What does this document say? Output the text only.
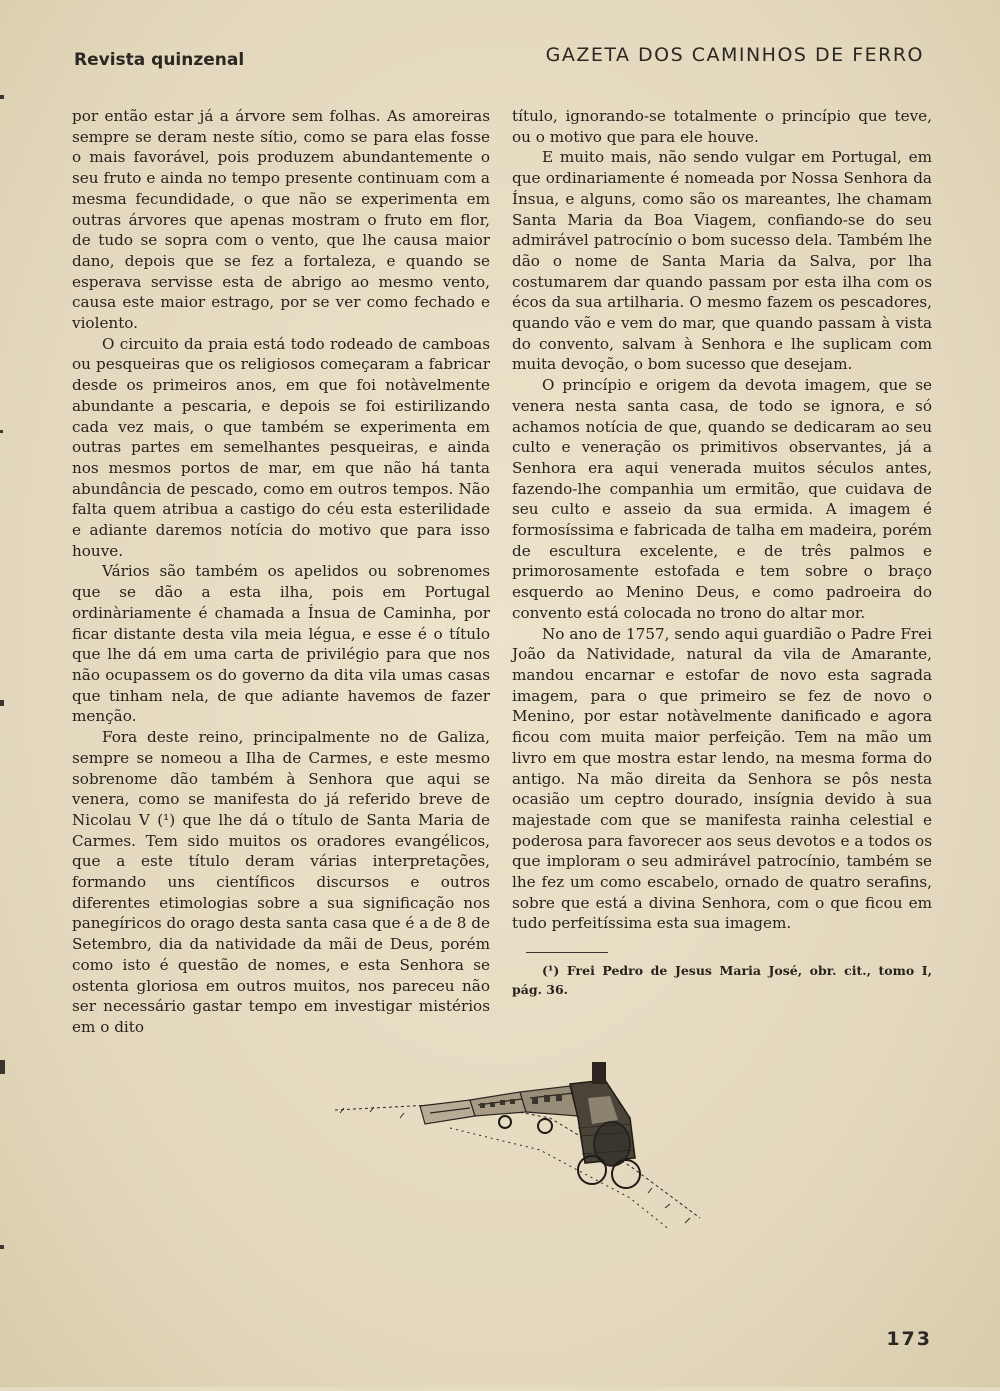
Revista quinzenal	GAZETA DOS CAMINHOS DE FERRO

por então estar já a árvore sem folhas. As amoreiras sempre se deram neste sítio, como se para elas fosse o mais favorável, pois produzem abundantemente o seu fruto e ainda no tempo presente continuam com a mesma fecundidade, o que não se experimenta em outras árvores que apenas mostram o fruto em flor, de tudo se sopra com o vento, que lhe causa maior dano, depois que se fez a fortaleza, e quando se esperava servisse esta de abrigo ao mesmo vento, causa este maior estrago, por se ver como fechado e violento.

O circuito da praia está todo rodeado de camboas ou pesqueiras que os religiosos começaram a fabricar desde os primeiros anos, em que foi notàvelmente abundante a pescaria, e depois se foi estirilizando cada vez mais, o que também se experimenta em outras partes em semelhantes pesqueiras, e ainda nos mesmos portos de mar, em que não há tanta abundância de pescado, como em outros tempos. Não falta quem atribua a castigo do céu esta esterilidade e adiante daremos notícia do motivo que para isso houve.

Vários são também os apelidos ou sobrenomes que se dão a esta ilha, pois em Portugal ordinàriamente é chamada a Ínsua de Caminha, por ficar distante desta vila meia légua, e esse é o título que lhe dá em uma carta de privilégio para que nos não ocupassem os do governo da dita vila umas casas que tinham nela, de que adiante havemos de fazer menção.

Fora deste reino, principalmente no de Galiza, sempre se nomeou a Ilha de Carmes, e este mesmo sobrenome dão também à Senhora que aqui se venera, como se manifesta do já referido breve de Nicolau V (¹) que lhe dá o título de Santa Maria de Carmes. Tem sido muitos os oradores evangélicos, que a este título deram várias interpretações, formando uns científicos discursos e outros diferentes etimologias sobre a sua significação nos panegíricos do orago desta santa casa que é a de 8 de Setembro, dia da natividade da mãi de Deus, porém como isto é questão de nomes, e esta Senhora se ostenta gloriosa em outros muitos, nos pareceu não ser necessário gastar tempo em investigar mistérios em o dito

título, ignorando-se totalmente o princípio que teve, ou o motivo que para ele houve.

E muito mais, não sendo vulgar em Portugal, em que ordinariamente é nomeada por Nossa Senhora da Ínsua, e alguns, como são os mareantes, lhe chamam Santa Maria da Boa Viagem, confiando-se do seu admirável patrocínio o bom sucesso dela. Também lhe dão o nome de Santa Maria da Salva, por lha costumarem dar quando passam por esta ilha com os écos da sua artilharia. O mesmo fazem os pescadores, quando vão e vem do mar, que quando passam à vista do convento, salvam à Senhora e lhe suplicam com muita devoção, o bom sucesso que desejam.

O princípio e origem da devota imagem, que se venera nesta santa casa, de todo se ignora, e só achamos notícia de que, quando se dedicaram ao seu culto e veneração os primitivos observantes, já a Senhora era aqui venerada muitos séculos antes, fazendo-lhe companhia um ermitão, que cuidava de seu culto e asseio da sua ermida. A imagem é formosíssima e fabricada de talha em madeira, porém de escultura excelente, e de três palmos e primorosamente estofada e tem sobre o braço esquerdo ao Menino Deus, e como padroeira do convento está colocada no trono do altar mor.

No ano de 1757, sendo aqui guardião o Padre Frei João da Natividade, natural da vila de Amarante, mandou encarnar e estofar de novo esta sagrada imagem, para o que primeiro se fez de novo o Menino, por estar notàvelmente danificado e agora ficou com muita maior perfeição. Tem na mão um livro em que mostra estar lendo, na mesma forma do antigo. Na mão direita da Senhora se pôs nesta ocasião um ceptro dourado, insígnia devido à sua majestade com que se manifesta rainha celestial e poderosa para favorecer aos seus devotos e a todos os que imploram o seu admirável patrocínio, também se lhe fez um como escabelo, ornado de quatro serafins, sobre que está a divina Senhora, com o que ficou em tudo perfeitíssima esta sua imagem.

(¹) Frei Pedro de Jesus Maria José, obr. cit., tomo I, pág. 36.

173
